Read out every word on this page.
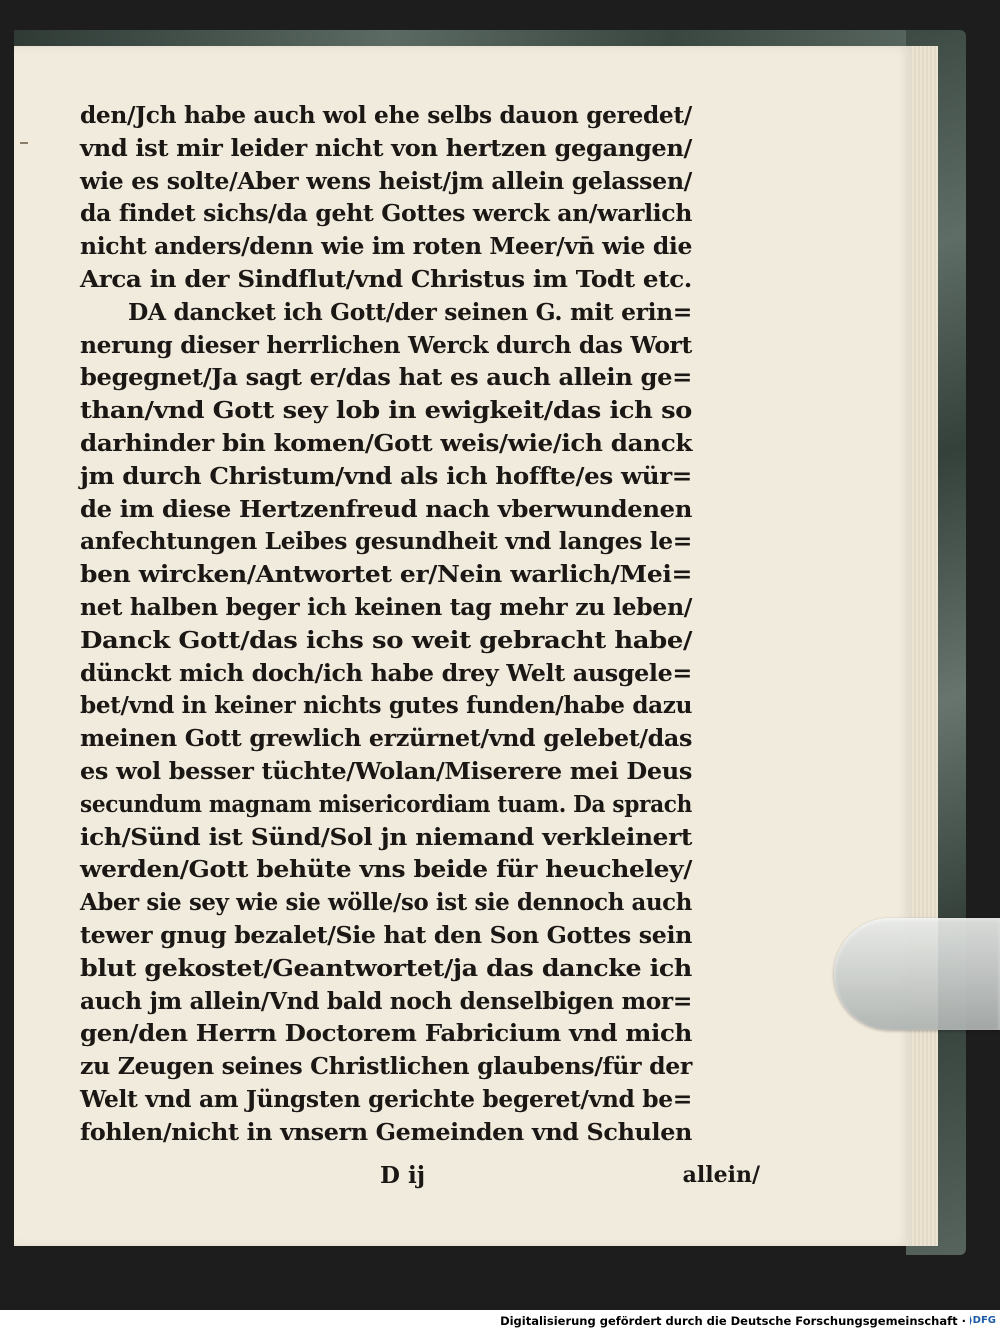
den/Jch habe auch wol ehe selbs dauon geredet/
vnd ist mir leider nicht von hertzen gegangen/
wie es solte/Aber wens heist/jm allein gelassen/
da findet sichs/da geht Gottes werck an/warlich
nicht anders/denn wie im roten Meer/vn̄ wie die
Arca in der Sindflut/vnd Christus im Todt etc.
DA dancket ich Gott/der seinen G. mit erin=
nerung dieser herrlichen Werck durch das Wort
begegnet/Ja sagt er/das hat es auch allein ge=
than/vnd Gott sey lob in ewigkeit/das ich so
darhinder bin komen/Gott weis/wie/ich danck
jm durch Christum/vnd als ich hoffte/es wür=
de im diese Hertzenfreud nach vberwundenen
anfechtungen Leibes gesundheit vnd langes le=
ben wircken/Antwortet er/Nein warlich/Mei=
net halben beger ich keinen tag mehr zu leben/
Danck Gott/das ichs so weit gebracht habe/
dünckt mich doch/ich habe drey Welt ausgele=
bet/vnd in keiner nichts gutes funden/habe dazu
meinen Gott grewlich erzürnet/vnd gelebet/das
es wol besser tüchte/Wolan/Miserere mei Deus
secundum magnam misericordiam tuam. Da sprach
ich/Sünd ist Sünd/Sol jn niemand verkleinert
werden/Gott behüte vns beide für heucheley/
Aber sie sey wie sie wölle/so ist sie dennoch auch
tewer gnug bezalet/Sie hat den Son Gottes sein
blut gekostet/Geantwortet/ja das dancke ich
auch jm allein/Vnd bald noch denselbigen mor=
gen/den Herrn Doctorem Fabricium vnd mich
zu Zeugen seines Christlichen glaubens/für der
Welt vnd am Jüngsten gerichte begeret/vnd be=
fohlen/nicht in vnsern Gemeinden vnd Schulen
D ij	allein/
Digitalisierung gefördert durch die Deutsche Forschungsgemeinschaft · DFG
